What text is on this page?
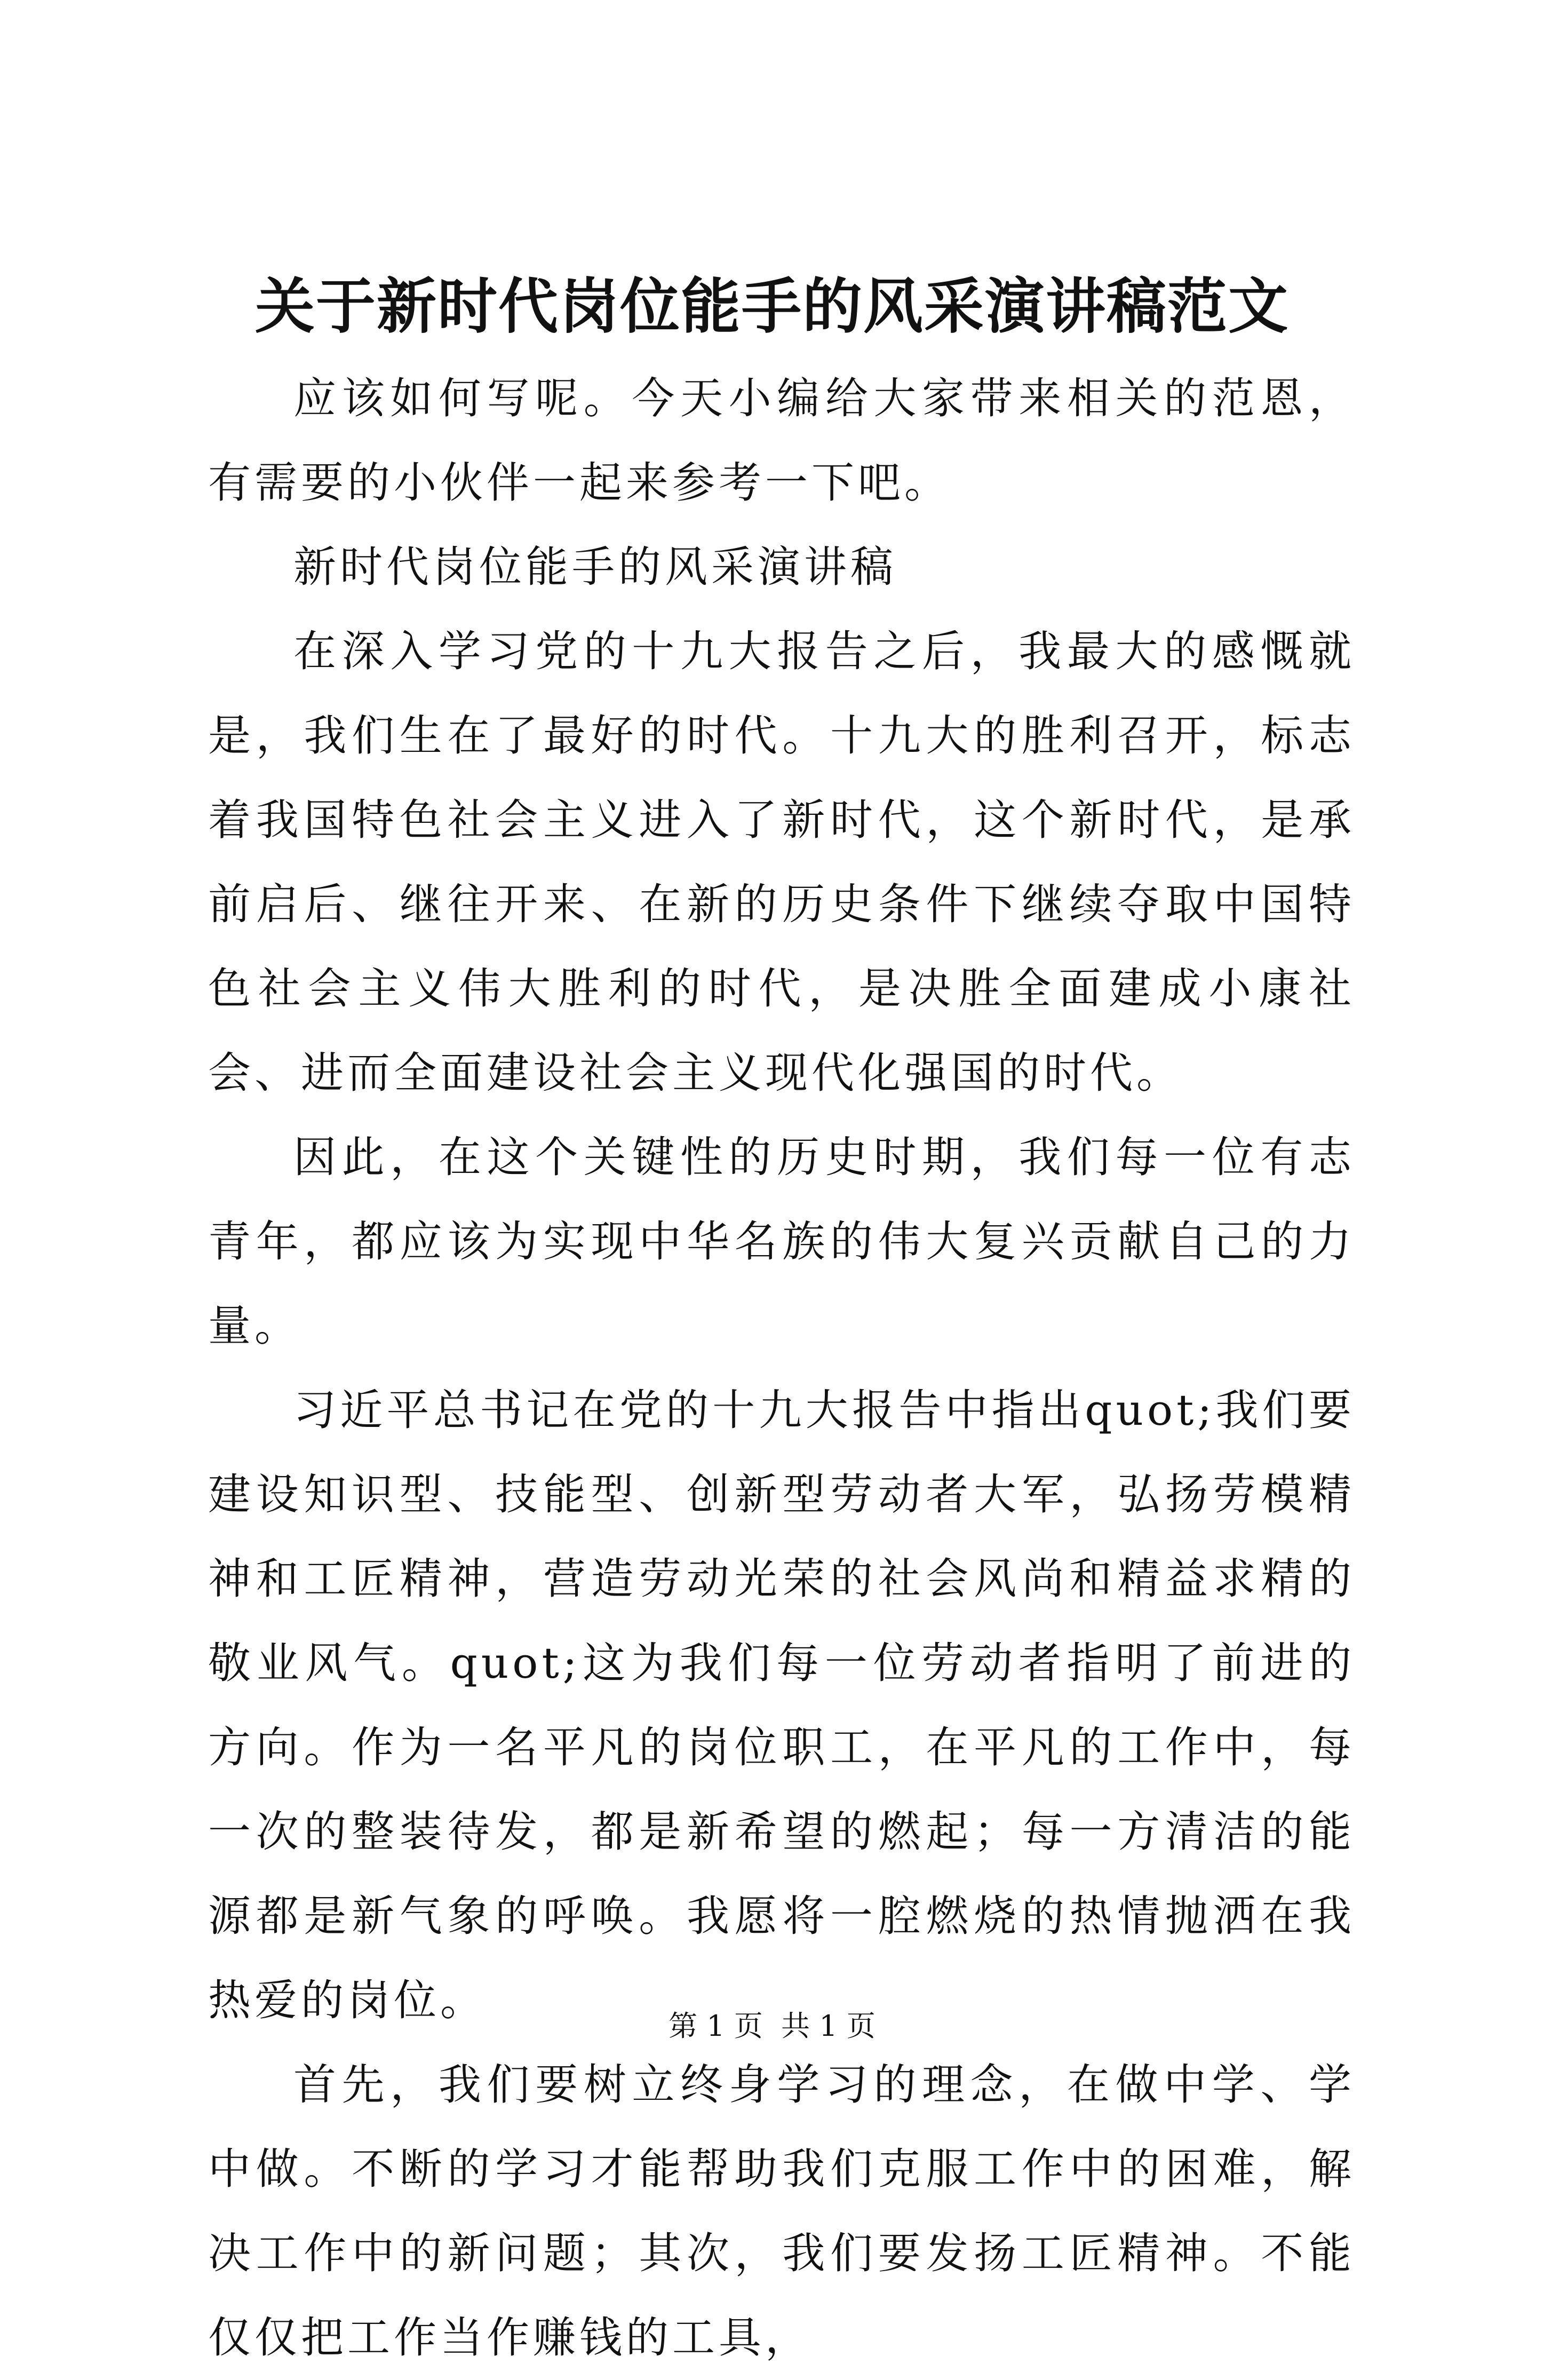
关于新时代岗位能手的风采演讲稿范文

应该如何写呢。今天小编给大家带来相关的范恩，有需要的小伙伴一起来参考一下吧。

新时代岗位能手的风采演讲稿

在深入学习党的十九大报告之后，我最大的感慨就是，我们生在了最好的时代。十九大的胜利召开，标志着我国特色社会主义进入了新时代，这个新时代，是承前启后、继往开来、在新的历史条件下继续夺取中国特色社会主义伟大胜利的时代，是决胜全面建成小康社会、进而全面建设社会主义现代化强国的时代。

因此，在这个关键性的历史时期，我们每一位有志青年，都应该为实现中华名族的伟大复兴贡献自己的力量。

习近平总书记在党的十九大报告中指出quot;我们要建设知识型、技能型、创新型劳动者大军，弘扬劳模精神和工匠精神，营造劳动光荣的社会风尚和精益求精的敬业风气。quot;这为我们每一位劳动者指明了前进的方向。作为一名平凡的岗位职工，在平凡的工作中，每一次的整装待发，都是新希望的燃起；每一方清洁的能源都是新气象的呼唤。我愿将一腔燃烧的热情抛洒在我热爱的岗位。

首先，我们要树立终身学习的理念，在做中学、学中做。不断的学习才能帮助我们克服工作中的困难，解决工作中的新问题；其次，我们要发扬工匠精神。不能仅仅把工作当作赚钱的工具，

第 1 页  共 1 页
